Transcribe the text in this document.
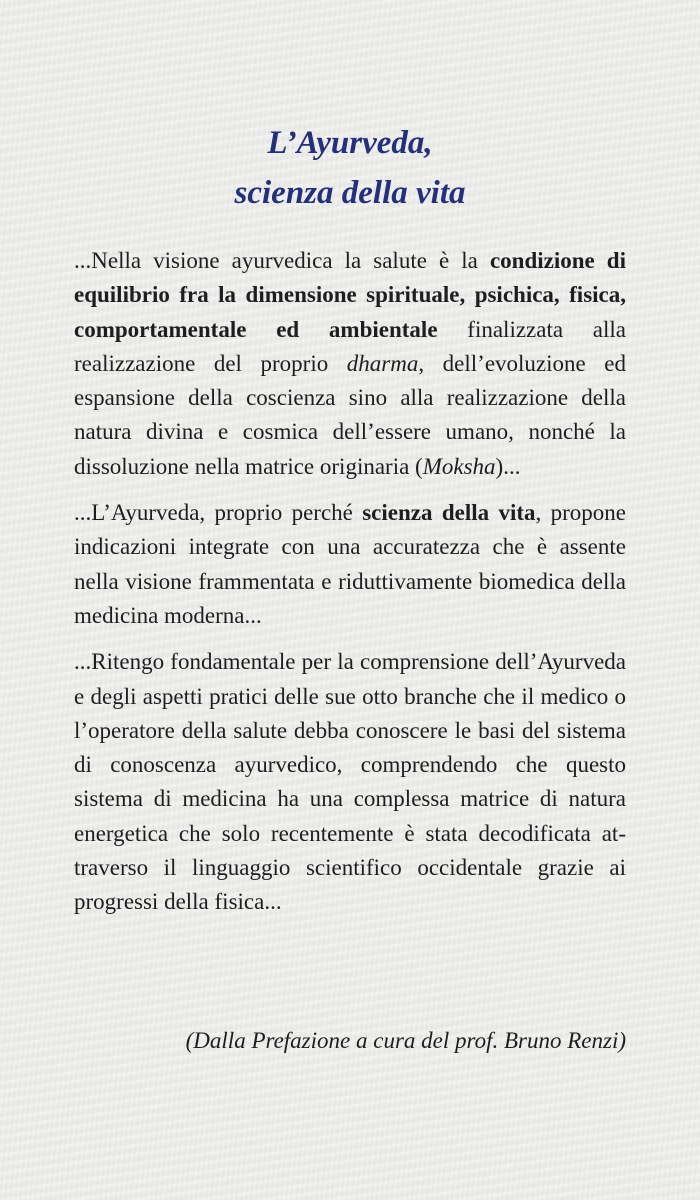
L’Ayurveda,
scienza della vita

...Nella visione ayurvedica la salute è la condizione di equilibrio fra la dimensione spirituale, psichica, fisica, comportamentale ed ambientale finalizzata alla realizzazione del proprio dharma, dell’evoluzione ed espansione della coscienza sino alla realizzazione della natura divina e cosmica dell’essere umano, nonché la dissoluzione nella matrice originaria (Moksha)...

...L’Ayurveda, proprio perché scienza della vita, propone indicazioni integrate con una accuratezza che è assente nella visione frammentata e riduttivamente biomedica della medicina moderna...

...Ritengo fondamentale per la comprensione dell’Ayurveda e degli aspetti pratici delle sue otto branche che il medico o l’operatore della salute debba conoscere le basi del sistema di conoscenza ayurvedico, comprendendo che questo sistema di medicina ha una complessa matrice di natura energetica che solo recentemente è stata decodificata attraverso il linguaggio scientifico occidentale grazie ai progressi della fisica...

(Dalla Prefazione a cura del prof. Bruno Renzi)
